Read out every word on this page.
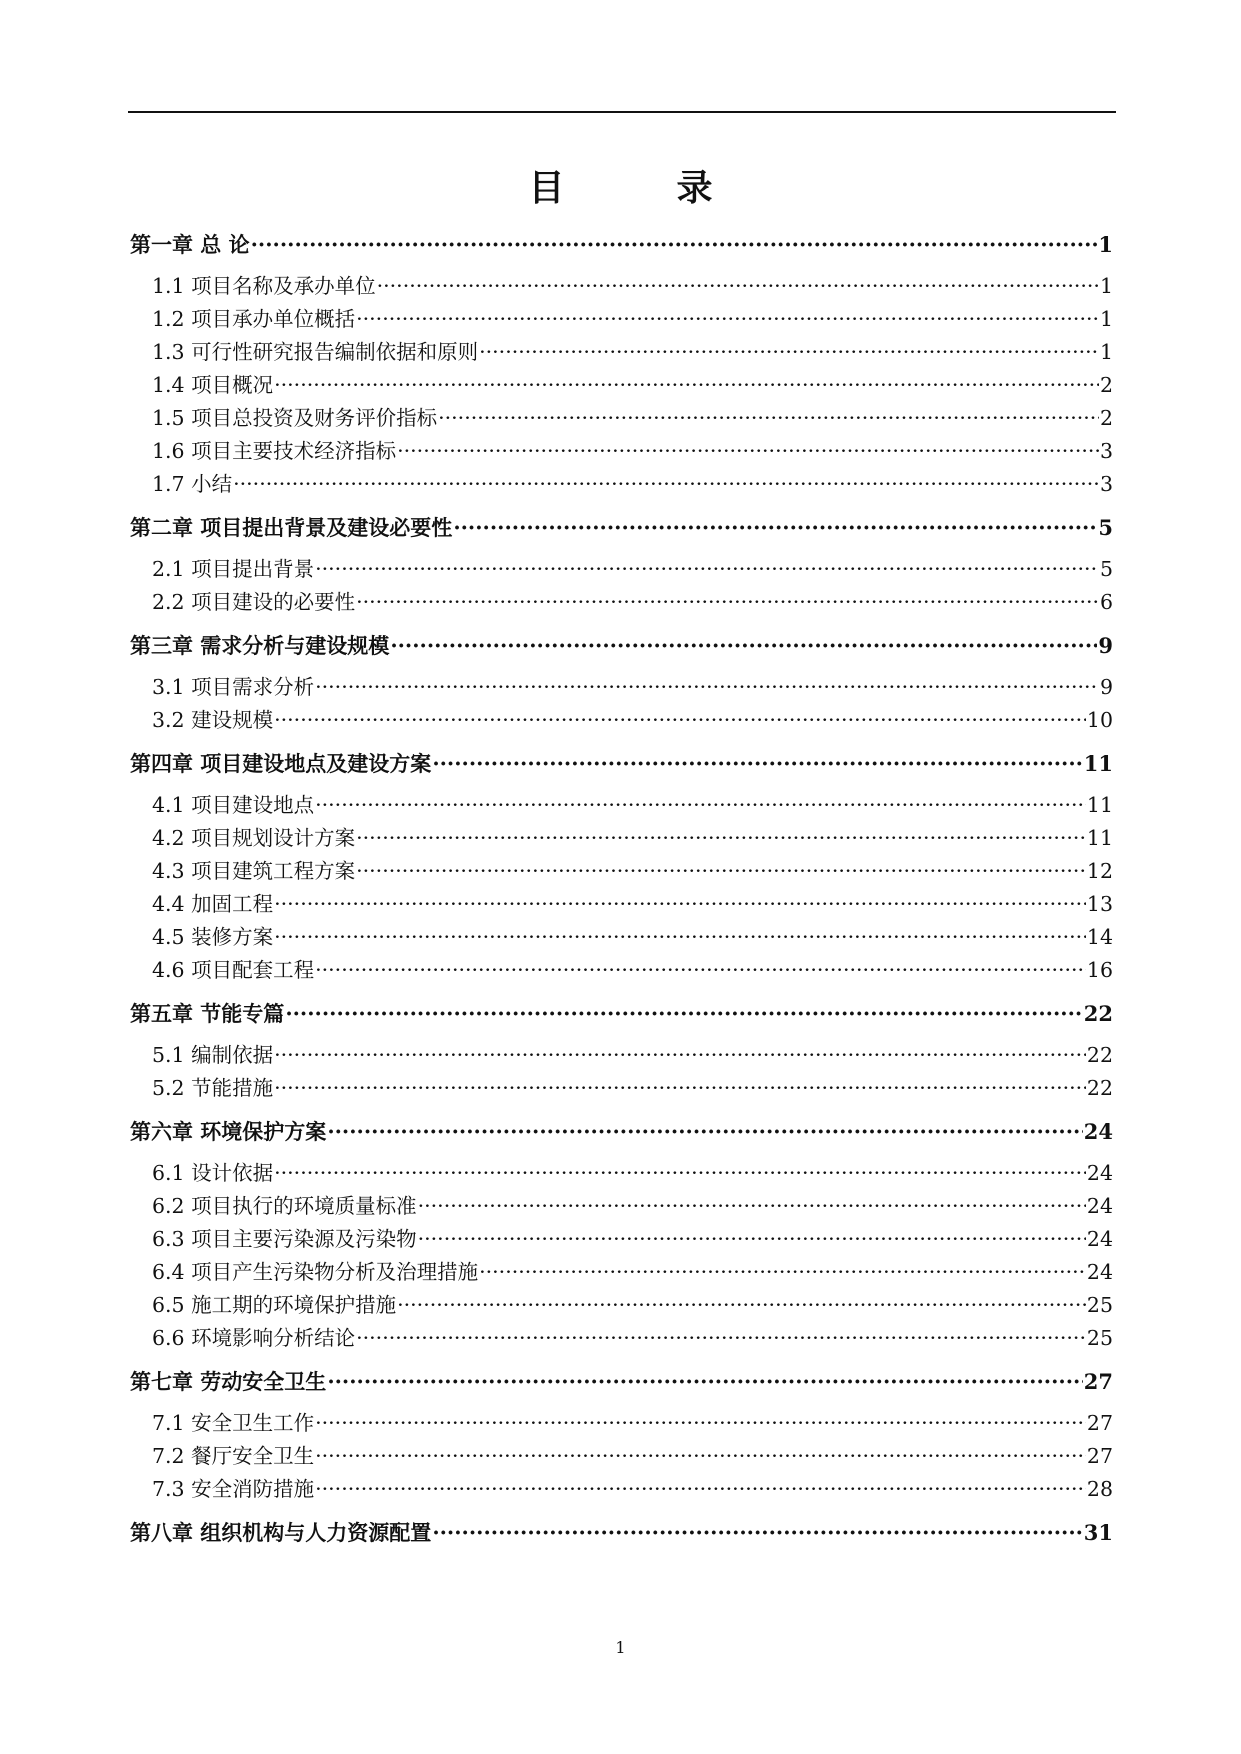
目　录
第一章 总 论 ·····	1
1.1 项目名称及承办单位 ·····	1
1.2 项目承办单位概括 ·····	1
1.3 可行性研究报告编制依据和原则 ·····	1
1.4 项目概况 ·····	2
1.5 项目总投资及财务评价指标 ·····	2
1.6 项目主要技术经济指标 ·····	3
1.7 小结 ·····	3
第二章 项目提出背景及建设必要性 ·····	5
2.1 项目提出背景 ·····	5
2.2 项目建设的必要性 ·····	6
第三章 需求分析与建设规模 ·····	9
3.1 项目需求分析 ·····	9
3.2 建设规模 ·····	10
第四章 项目建设地点及建设方案 ·····	11
4.1 项目建设地点 ·····	11
4.2 项目规划设计方案 ·····	11
4.3 项目建筑工程方案 ·····	12
4.4 加固工程 ·····	13
4.5 装修方案 ·····	14
4.6 项目配套工程 ·····	16
第五章 节能专篇 ·····	22
5.1 编制依据 ·····	22
5.2 节能措施 ·····	22
第六章 环境保护方案 ·····	24
6.1 设计依据 ·····	24
6.2 项目执行的环境质量标准 ·····	24
6.3 项目主要污染源及污染物 ·····	24
6.4 项目产生污染物分析及治理措施 ·····	24
6.5 施工期的环境保护措施 ·····	25
6.6 环境影响分析结论 ·····	25
第七章 劳动安全卫生 ·····	27
7.1 安全卫生工作 ·····	27
7.2 餐厅安全卫生 ·····	27
7.3 安全消防措施 ·····	28
第八章 组织机构与人力资源配置 ·····	31
1
